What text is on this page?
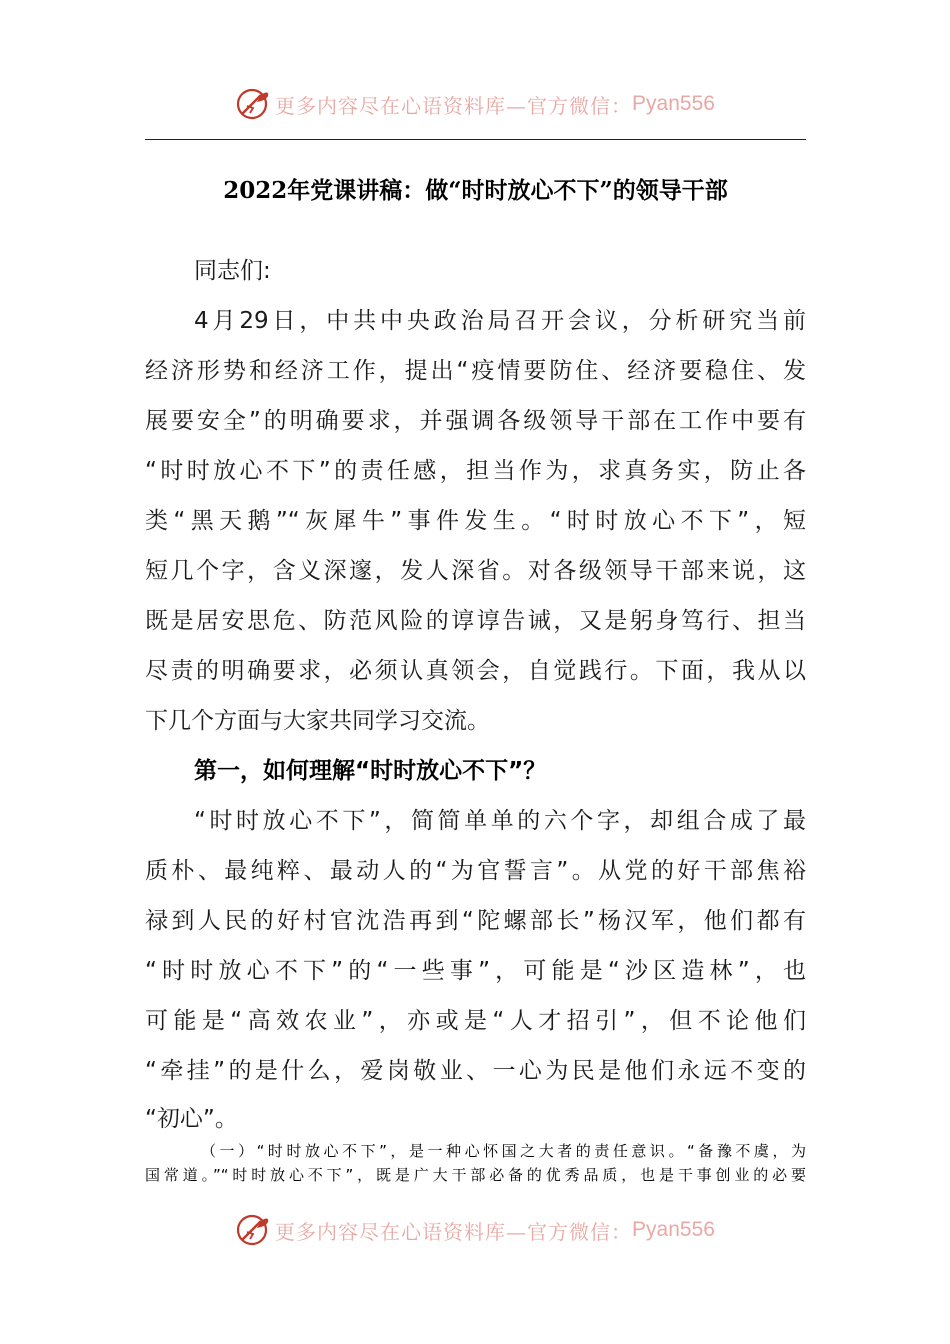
更多内容尽在心语资料库—官方微信： Pyan556
2022年党课讲稿：做“时时放心不下”的领导干部
同志们:
4月29日，中共中央政治局召开会议，分析研究当前
经济形势和经济工作，提出“疫情要防住、经济要稳住、发
展要安全”的明确要求，并强调各级领导干部在工作中要有
“时时放心不下”的责任感，担当作为，求真务实，防止各
类“黑天鹅”“灰犀牛”事件发生。“时时放心不下”，短
短几个字，含义深邃，发人深省。对各级领导干部来说，这
既是居安思危、防范风险的谆谆告诫，又是躬身笃行、担当
尽责的明确要求，必须认真领会，自觉践行。下面，我从以
下几个方面与大家共同学习交流。
第一，如何理解“时时放心不下”？
“时时放心不下”，简简单单的六个字，却组合成了最
质朴、最纯粹、最动人的“为官誓言”。从党的好干部焦裕
禄到人民的好村官沈浩再到“陀螺部长”杨汉军，他们都有
“时时放心不下”的“一些事”，可能是“沙区造林”，也
可能是“高效农业”，亦或是“人才招引”，但不论他们
“牵挂”的是什么，爱岗敬业、一心为民是他们永远不变的
“初心”。
（一）“时时放心不下”，是一种心怀国之大者的责任意识。“备豫不虞，为
国常道。”“时时放心不下”，既是广大干部必备的优秀品质，也是干事创业的必要
更多内容尽在心语资料库—官方微信： Pyan556
